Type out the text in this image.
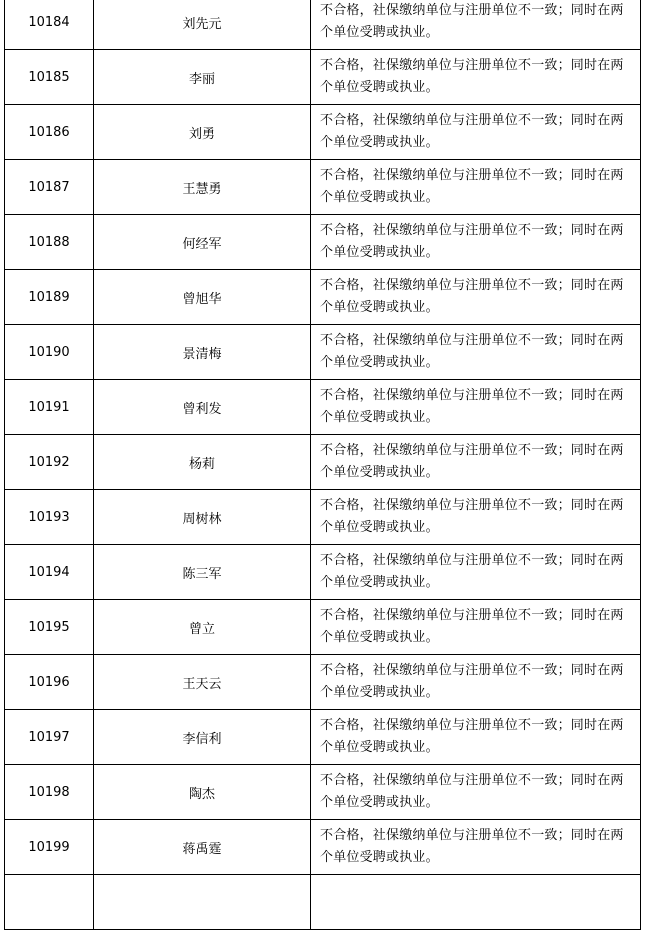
10184	刘先元	不合格，社保缴纳单位与注册单位不一致；同时在两个单位受聘或执业。
10185	李丽	不合格，社保缴纳单位与注册单位不一致；同时在两个单位受聘或执业。
10186	刘勇	不合格，社保缴纳单位与注册单位不一致；同时在两个单位受聘或执业。
10187	王慧勇	不合格，社保缴纳单位与注册单位不一致；同时在两个单位受聘或执业。
10188	何经军	不合格，社保缴纳单位与注册单位不一致；同时在两个单位受聘或执业。
10189	曾旭华	不合格，社保缴纳单位与注册单位不一致；同时在两个单位受聘或执业。
10190	景清梅	不合格，社保缴纳单位与注册单位不一致；同时在两个单位受聘或执业。
10191	曾利发	不合格，社保缴纳单位与注册单位不一致；同时在两个单位受聘或执业。
10192	杨莉	不合格，社保缴纳单位与注册单位不一致；同时在两个单位受聘或执业。
10193	周树林	不合格，社保缴纳单位与注册单位不一致；同时在两个单位受聘或执业。
10194	陈三军	不合格，社保缴纳单位与注册单位不一致；同时在两个单位受聘或执业。
10195	曾立	不合格，社保缴纳单位与注册单位不一致；同时在两个单位受聘或执业。
10196	王天云	不合格，社保缴纳单位与注册单位不一致；同时在两个单位受聘或执业。
10197	李信利	不合格，社保缴纳单位与注册单位不一致；同时在两个单位受聘或执业。
10198	陶杰	不合格，社保缴纳单位与注册单位不一致；同时在两个单位受聘或执业。
10199	蒋禹霆	不合格，社保缴纳单位与注册单位不一致；同时在两个单位受聘或执业。
